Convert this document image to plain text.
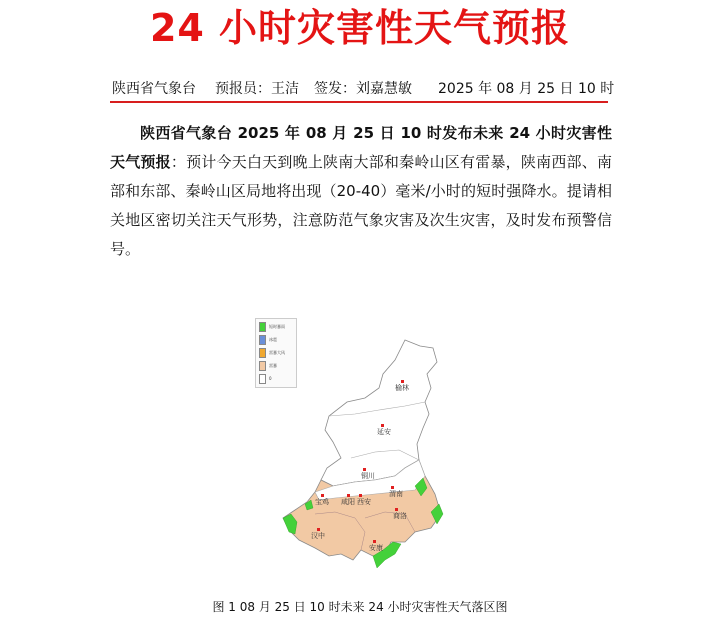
24 小时灾害性天气预报
陕西省气象台 预报员：王洁 签发：刘嘉慧敏 2025 年 08 月 25 日 10 时
陕西省气象台 2025 年 08 月 25 日 10 时发布未来 24 小时灾害性天气预报：预计今天白天到晚上陕南大部和秦岭山区有雷暴，陕南西部、南部和东部、秦岭山区局地将出现（20-40）毫米/小时的短时强降水。提请相关地区密切关注天气形势，注意防范气象灾害及次生灾害，及时发布预警信号。
榆林
延安
铜川
宝鸡 咸阳 西安
渭南
商洛
汉中
安康
短时暴雨
冰雹
雷暴大风
雷暴
0
图 1 08 月 25 日 10 时未来 24 小时灾害性天气落区图
